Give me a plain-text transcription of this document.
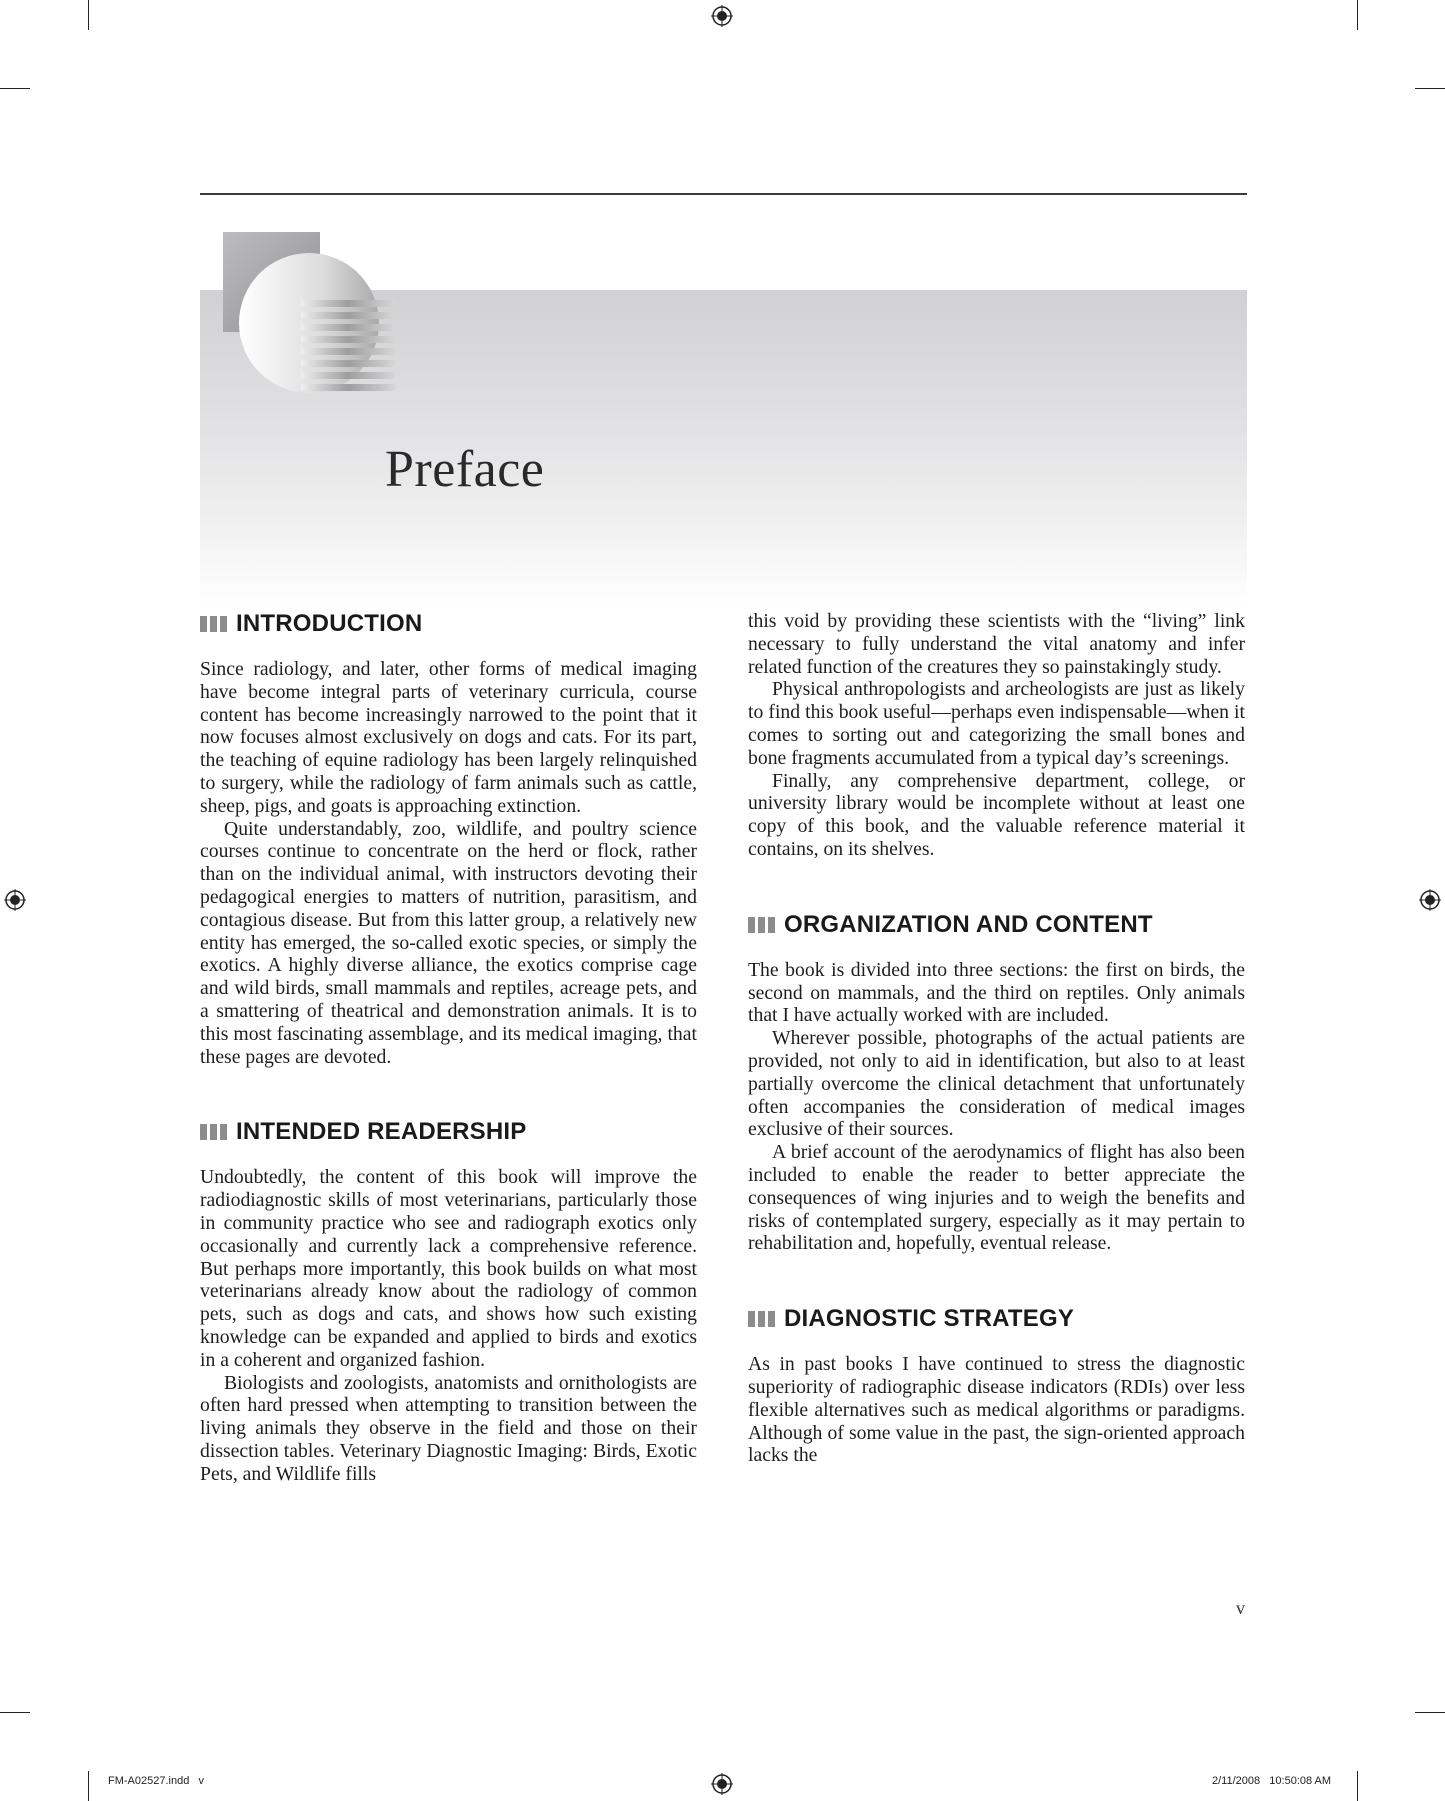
Preface
INTRODUCTION

Since radiology, and later, other forms of medical imaging have become integral parts of veterinary curricula, course content has become increasingly narrowed to the point that it now focuses almost exclusively on dogs and cats. For its part, the teaching of equine radiology has been largely relinquished to surgery, while the radiology of farm animals such as cattle, sheep, pigs, and goats is approaching extinction.

Quite understandably, zoo, wildlife, and poultry science courses continue to concentrate on the herd or flock, rather than on the individual animal, with instructors devoting their pedagogical energies to matters of nutrition, parasitism, and contagious disease. But from this latter group, a relatively new entity has emerged, the so-called exotic species, or simply the exotics. A highly diverse alliance, the exotics comprise cage and wild birds, small mammals and reptiles, acreage pets, and a smattering of theatrical and demonstration animals. It is to this most fascinating assemblage, and its medical imaging, that these pages are devoted.

INTENDED READERSHIP

Undoubtedly, the content of this book will improve the radiodiagnostic skills of most veterinarians, particularly those in community practice who see and radiograph exotics only occasionally and currently lack a comprehensive reference. But perhaps more importantly, this book builds on what most veterinarians already know about the radiology of common pets, such as dogs and cats, and shows how such existing knowledge can be expanded and applied to birds and exotics in a coherent and organized fashion.

Biologists and zoologists, anatomists and ornithologists are often hard pressed when attempting to transition between the living animals they observe in the field and those on their dissection tables. Veterinary Diagnostic Imaging: Birds, Exotic Pets, and Wildlife fills

this void by providing these scientists with the “living” link necessary to fully understand the vital anatomy and infer related function of the creatures they so painstakingly study.

Physical anthropologists and archeologists are just as likely to find this book useful—perhaps even indispensable—when it comes to sorting out and categorizing the small bones and bone fragments accumulated from a typical day’s screenings.

Finally, any comprehensive department, college, or university library would be incomplete without at least one copy of this book, and the valuable reference material it contains, on its shelves.

ORGANIZATION AND CONTENT

The book is divided into three sections: the first on birds, the second on mammals, and the third on reptiles. Only animals that I have actually worked with are included.

Wherever possible, photographs of the actual patients are provided, not only to aid in identification, but also to at least partially overcome the clinical detachment that unfortunately often accompanies the consideration of medical images exclusive of their sources.

A brief account of the aerodynamics of flight has also been included to enable the reader to better appreciate the consequences of wing injuries and to weigh the benefits and risks of contemplated surgery, especially as it may pertain to rehabilitation and, hopefully, eventual release.

DIAGNOSTIC STRATEGY

As in past books I have continued to stress the diagnostic superiority of radiographic disease indicators (RDIs) over less flexible alternatives such as medical algorithms or paradigms. Although of some value in the past, the sign-oriented approach lacks the

v
FM-A02527.indd   v	2/11/2008   10:50:08 AM
